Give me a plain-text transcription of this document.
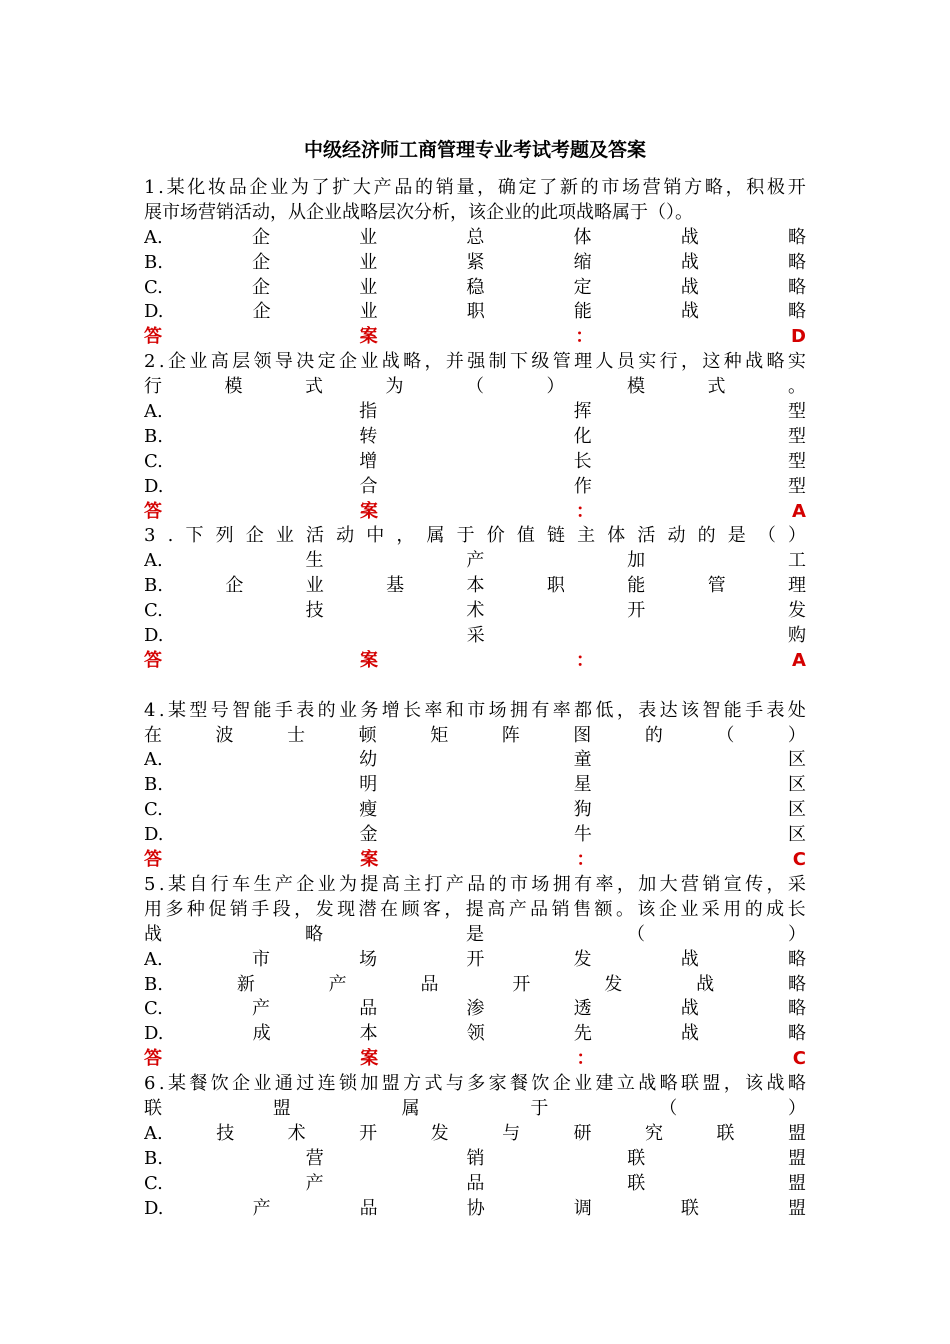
中级经济师工商管理专业考试考题及答案
1 . 某 化 妆 品 企 业 为 了 扩 大 产 品 的 销 量 ， 确 定 了 新 的 市 场 营 销 方 略 ， 积 极 开
展市场营销活动，从企业战略层次分析，该企业的此项战略属于（）。
A.	企	业	总	体	战	略
B.	企	业	紧	缩	战	略
C.	企	业	稳	定	战	略
D.	企	业	职	能	战	略
答	案	：	D
2 . 企 业 高 层 领 导 决 定 企 业 战 略 ， 并 强 制 下 级 管 理 人 员 实 行 ， 这 种 战 略 实
行	模	式	为	（	）	模	式	。
A.	指	挥	型
B.	转	化	型
C.	增	长	型
D.	合	作	型
答	案	：	A
3 . 下 列 企 业 活 动 中 ， 属 于 价 值 链 主 体 活 动 的 是 （ ）
A.	生	产	加	工
B.	企	业	基	本	职	能	管	理
C.	技	术	开	发
D.	采	购
答	案	：	A
4 . 某 型 号 智 能 手 表 的 业 务 增 长 率 和 市 场 拥 有 率 都 低 ， 表 达 该 智 能 手 表 处
在	波	士	顿	矩	阵	图	的	（	）
A.	幼	童	区
B.	明	星	区
C.	瘦	狗	区
D.	金	牛	区
答	案	：	C
5 . 某 自 行 车 生 产 企 业 为 提 高 主 打 产 品 的 市 场 拥 有 率 ， 加 大 营 销 宣 传 ， 采
用 多 种 促 销 手 段 ， 发 现 潜 在 顾 客 ， 提 高 产 品 销 售 额 。 该 企 业 采 用 的 成 长
战	略	是	（	）
A.	市	场	开	发	战	略
B.	新	产	品	开	发	战	略
C.	产	品	渗	透	战	略
D.	成	本	领	先	战	略
答	案	：	C
6 . 某 餐 饮 企 业 通 过 连 锁 加 盟 方 式 与 多 家 餐 饮 企 业 建 立 战 略 联 盟 ， 该 战 略
联	盟	属	于	（	）
A.	技	术	开	发	与	研	究	联	盟
B.	营	销	联	盟
C.	产	品	联	盟
D.	产	品	协	调	联	盟
